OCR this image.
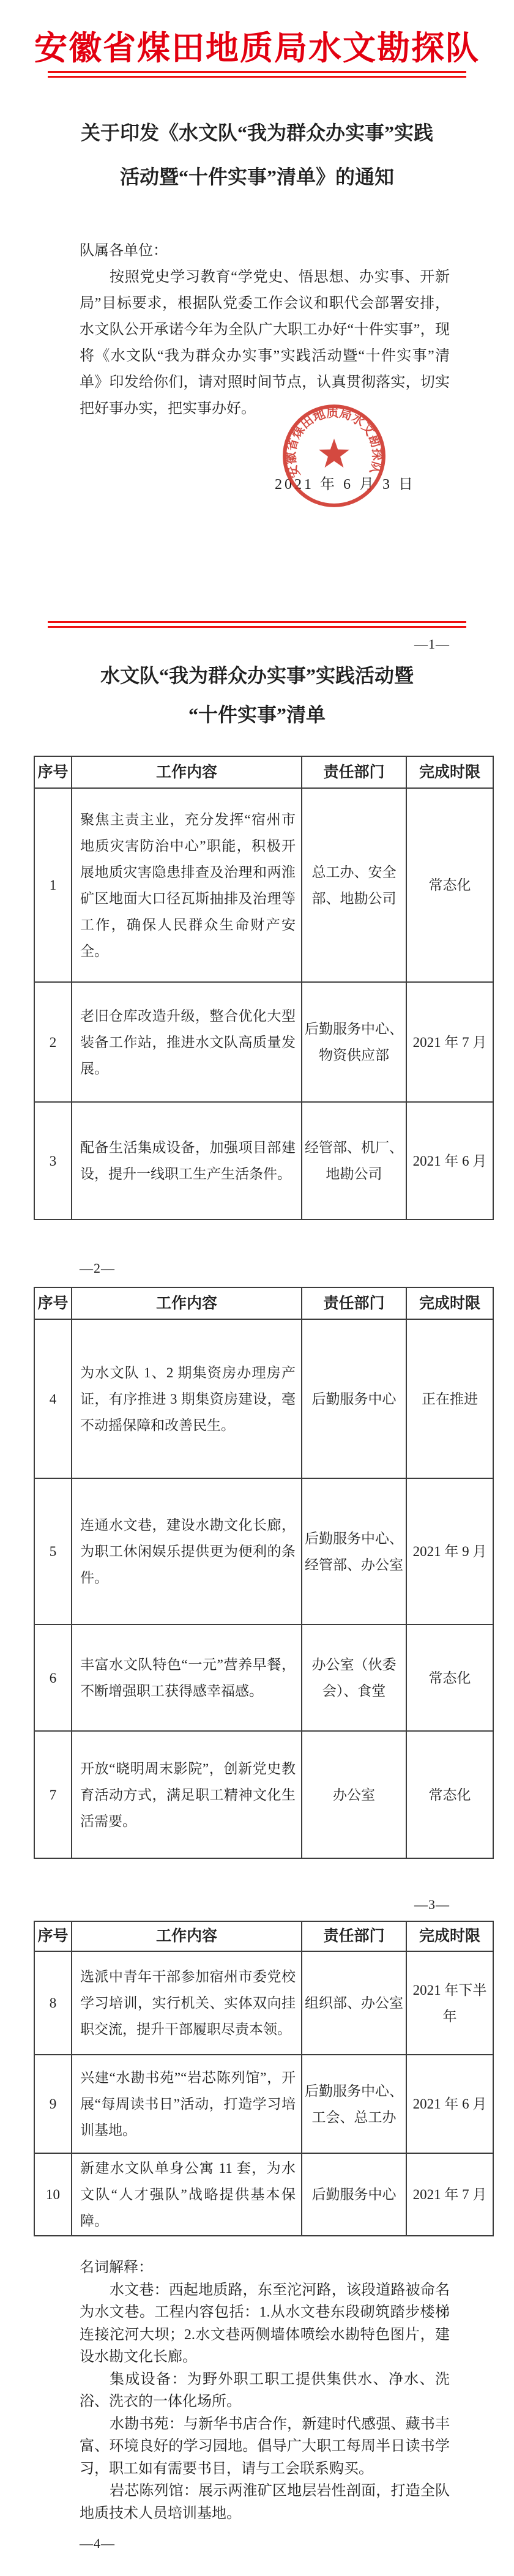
安徽省煤田地质局水文勘探队
关于印发《水文队“我为群众办实事”实践
活动暨“十件实事”清单》的通知
队属各单位：
按照党史学习教育“学党史、悟思想、办实事、开新局”目标要求，根据队党委工作会议和职代会部署安排，水文队公开承诺今年为全队广大职工办好“十件实事”，现将《水文队“我为群众办实事”实践活动暨“十件实事”清单》印发给你们，请对照时间节点，认真贯彻落实，切实把好事办实，把实事办好。
2021 年 6 月 3 日
安徽省煤田地质局水文勘探队
—1—
水文队“我为群众办实事”实践活动暨
“十件实事”清单
序号	工作内容	责任部门	完成时限
1	聚焦主责主业，充分发挥“宿州市地质灾害防治中心”职能，积极开展地质灾害隐患排查及治理和两淮矿区地面大口径瓦斯抽排及治理等工作，确保人民群众生命财产安全。	总工办、安全部、地勘公司	常态化
2	老旧仓库改造升级，整合优化大型装备工作站，推进水文队高质量发展。	后勤服务中心、物资供应部	2021 年 7 月
3	配备生活集成设备，加强项目部建设，提升一线职工生产生活条件。	经管部、机厂、地勘公司	2021 年 6 月
—2—
序号	工作内容	责任部门	完成时限
4	为水文队 1、2 期集资房办理房产证，有序推进 3 期集资房建设，毫不动摇保障和改善民生。	后勤服务中心	正在推进
5	连通水文巷，建设水勘文化长廊，为职工休闲娱乐提供更为便利的条件。	后勤服务中心、经管部、办公室	2021 年 9 月
6	丰富水文队特色“一元”营养早餐，不断增强职工获得感幸福感。	办公室（伙委会）、食堂	常态化
7	开放“晓明周末影院”，创新党史教育活动方式，满足职工精神文化生活需要。	办公室	常态化
—3—
序号	工作内容	责任部门	完成时限
8	选派中青年干部参加宿州市委党校学习培训，实行机关、实体双向挂职交流，提升干部履职尽责本领。	组织部、办公室	2021 年下半年
9	兴建“水勘书苑”“岩芯陈列馆”，开展“每周读书日”活动，打造学习培训基地。	后勤服务中心、工会、总工办	2021 年 6 月
10	新建水文队单身公寓 11 套，为水文队“人才强队”战略提供基本保障。	后勤服务中心	2021 年 7 月
名词解释：
水文巷：西起地质路，东至沱河路，该段道路被命名为水文巷。工程内容包括：1.从水文巷东段砌筑踏步楼梯连接沱河大坝；2.水文巷两侧墙体喷绘水勘特色图片，建设水勘文化长廊。
集成设备：为野外职工职工提供集供水、净水、洗浴、洗衣的一体化场所。
水勘书苑：与新华书店合作，新建时代感强、藏书丰富、环境良好的学习园地。倡导广大职工每周半日读书学习，职工如有需要书目，请与工会联系购买。
岩芯陈列馆：展示两淮矿区地层岩性剖面，打造全队地质技术人员培训基地。
—4—
